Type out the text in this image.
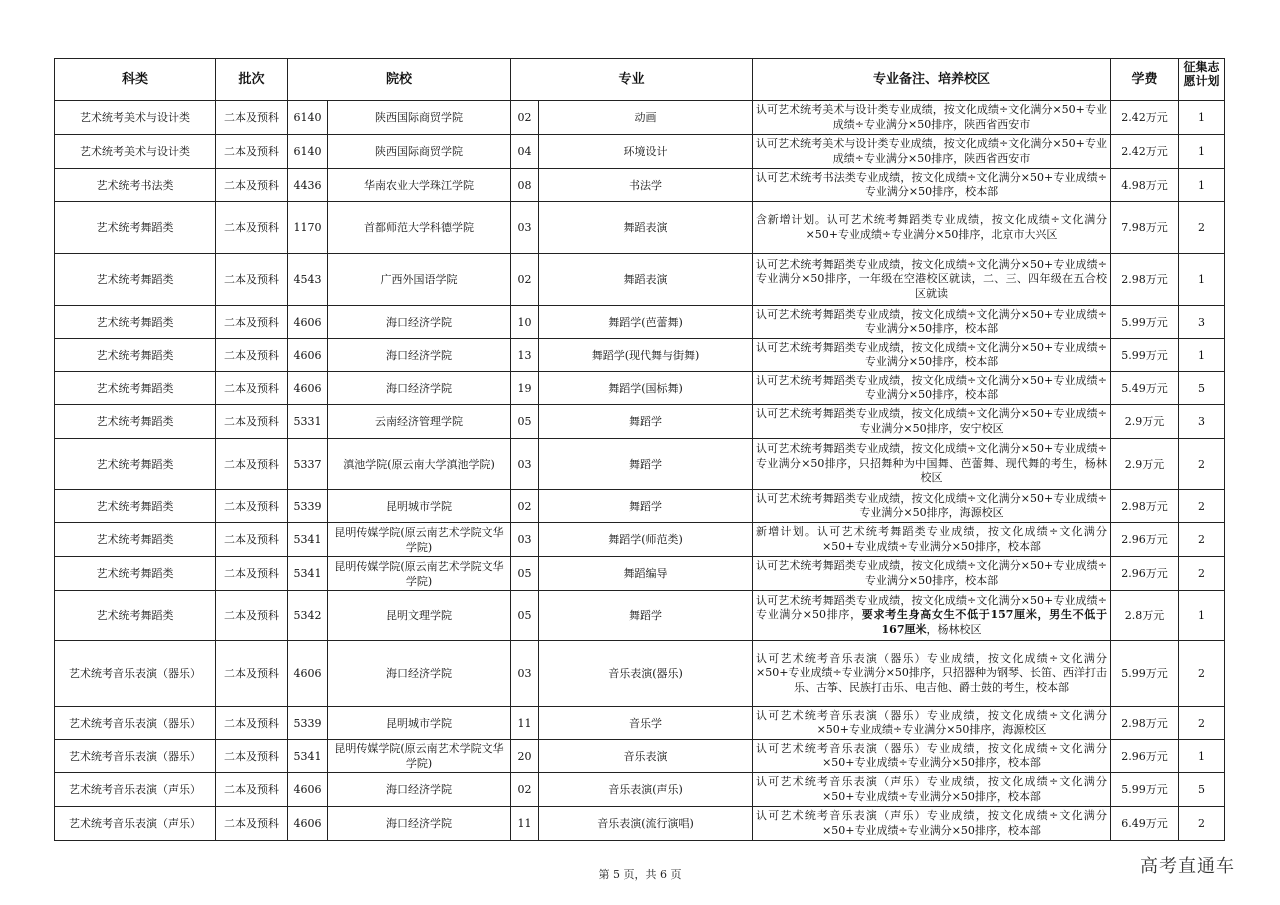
科类	批次	院校		专业		专业备注、培养校区	学费	征集志愿计划
艺术统考美术与设计类	二本及预科	6140	陕西国际商贸学院	02	动画	认可艺术统考美术与设计类专业成绩，按文化成绩÷文化满分×50+专业成绩÷专业满分×50排序，陕西省西安市	2.42万元	1
艺术统考美术与设计类	二本及预科	6140	陕西国际商贸学院	04	环境设计	认可艺术统考美术与设计类专业成绩，按文化成绩÷文化满分×50+专业成绩÷专业满分×50排序，陕西省西安市	2.42万元	1
艺术统考书法类	二本及预科	4436	华南农业大学珠江学院	08	书法学	认可艺术统考书法类专业成绩，按文化成绩÷文化满分×50+专业成绩÷专业满分×50排序，校本部	4.98万元	1
艺术统考舞蹈类	二本及预科	1170	首都师范大学科德学院	03	舞蹈表演	含新增计划。认可艺术统考舞蹈类专业成绩，按文化成绩÷文化满分×50+专业成绩÷专业满分×50排序，北京市大兴区	7.98万元	2
艺术统考舞蹈类	二本及预科	4543	广西外国语学院	02	舞蹈表演	认可艺术统考舞蹈类专业成绩，按文化成绩÷文化满分×50+专业成绩÷专业满分×50排序，一年级在空港校区就读，二、三、四年级在五合校区就读	2.98万元	1
艺术统考舞蹈类	二本及预科	4606	海口经济学院	10	舞蹈学(芭蕾舞)	认可艺术统考舞蹈类专业成绩，按文化成绩÷文化满分×50+专业成绩÷专业满分×50排序，校本部	5.99万元	3
艺术统考舞蹈类	二本及预科	4606	海口经济学院	13	舞蹈学(现代舞与街舞)	认可艺术统考舞蹈类专业成绩，按文化成绩÷文化满分×50+专业成绩÷专业满分×50排序，校本部	5.99万元	1
艺术统考舞蹈类	二本及预科	4606	海口经济学院	19	舞蹈学(国标舞)	认可艺术统考舞蹈类专业成绩，按文化成绩÷文化满分×50+专业成绩÷专业满分×50排序，校本部	5.49万元	5
艺术统考舞蹈类	二本及预科	5331	云南经济管理学院	05	舞蹈学	认可艺术统考舞蹈类专业成绩，按文化成绩÷文化满分×50+专业成绩÷专业满分×50排序，安宁校区	2.9万元	3
艺术统考舞蹈类	二本及预科	5337	滇池学院(原云南大学滇池学院)	03	舞蹈学	认可艺术统考舞蹈类专业成绩，按文化成绩÷文化满分×50+专业成绩÷专业满分×50排序，只招舞种为中国舞、芭蕾舞、现代舞的考生，杨林校区	2.9万元	2
艺术统考舞蹈类	二本及预科	5339	昆明城市学院	02	舞蹈学	认可艺术统考舞蹈类专业成绩，按文化成绩÷文化满分×50+专业成绩÷专业满分×50排序，海源校区	2.98万元	2
艺术统考舞蹈类	二本及预科	5341	昆明传媒学院(原云南艺术学院文华学院)	03	舞蹈学(师范类)	新增计划。认可艺术统考舞蹈类专业成绩，按文化成绩÷文化满分×50+专业成绩÷专业满分×50排序，校本部	2.96万元	2
艺术统考舞蹈类	二本及预科	5341	昆明传媒学院(原云南艺术学院文华学院)	05	舞蹈编导	认可艺术统考舞蹈类专业成绩，按文化成绩÷文化满分×50+专业成绩÷专业满分×50排序，校本部	2.96万元	2
艺术统考舞蹈类	二本及预科	5342	昆明文理学院	05	舞蹈学	认可艺术统考舞蹈类专业成绩，按文化成绩÷文化满分×50+专业成绩÷专业满分×50排序，要求考生身高女生不低于157厘米，男生不低于167厘米，杨林校区	2.8万元	1
艺术统考音乐表演（器乐）	二本及预科	4606	海口经济学院	03	音乐表演(器乐)	认可艺术统考音乐表演（器乐）专业成绩，按文化成绩÷文化满分×50+专业成绩÷专业满分×50排序，只招器种为钢琴、长笛、西洋打击乐、古筝、民族打击乐、电吉他、爵士鼓的考生，校本部	5.99万元	2
艺术统考音乐表演（器乐）	二本及预科	5339	昆明城市学院	11	音乐学	认可艺术统考音乐表演（器乐）专业成绩，按文化成绩÷文化满分×50+专业成绩÷专业满分×50排序，海源校区	2.98万元	2
艺术统考音乐表演（器乐）	二本及预科	5341	昆明传媒学院(原云南艺术学院文华学院)	20	音乐表演	认可艺术统考音乐表演（器乐）专业成绩，按文化成绩÷文化满分×50+专业成绩÷专业满分×50排序，校本部	2.96万元	1
艺术统考音乐表演（声乐）	二本及预科	4606	海口经济学院	02	音乐表演(声乐)	认可艺术统考音乐表演（声乐）专业成绩，按文化成绩÷文化满分×50+专业成绩÷专业满分×50排序，校本部	5.99万元	5
艺术统考音乐表演（声乐）	二本及预科	4606	海口经济学院	11	音乐表演(流行演唱)	认可艺术统考音乐表演（声乐）专业成绩，按文化成绩÷文化满分×50+专业成绩÷专业满分×50排序，校本部	6.49万元	2
第 5 页，共 6 页	高考直通车
